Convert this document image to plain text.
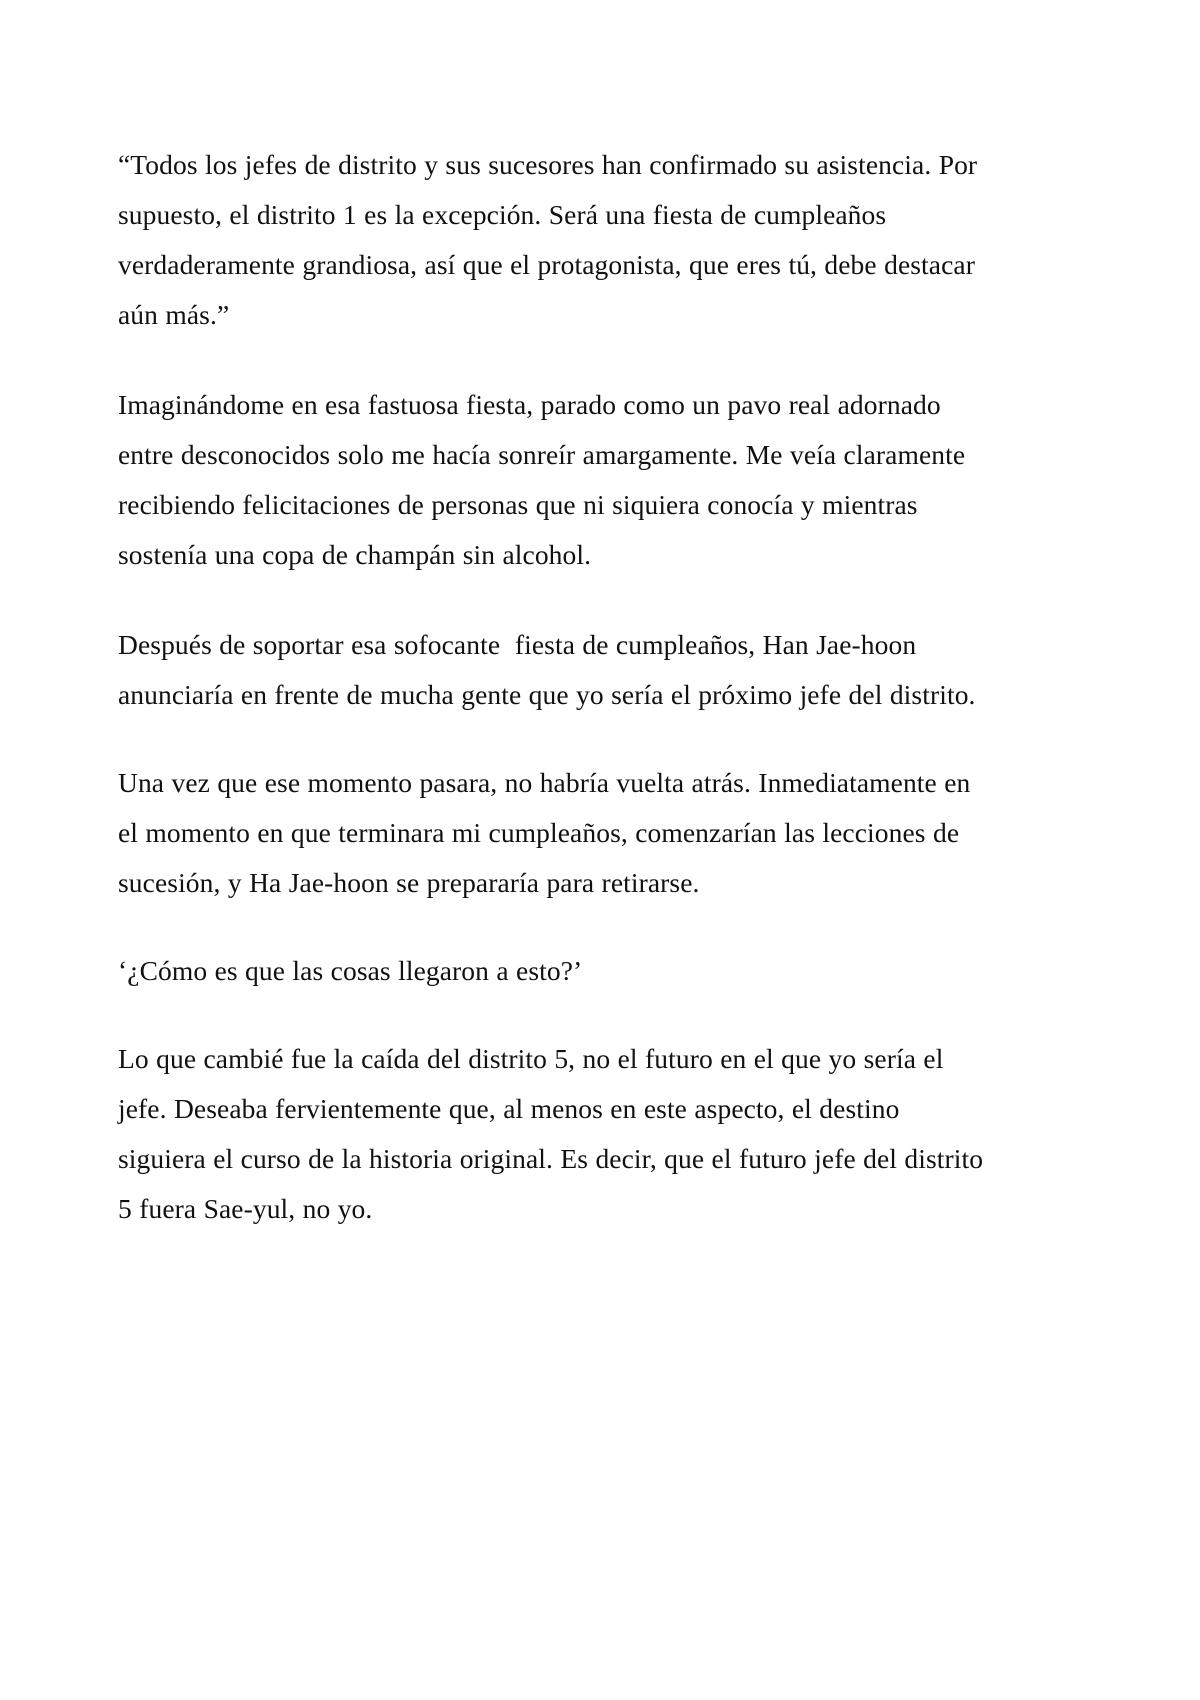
“Todos los jefes de distrito y sus sucesores han confirmado su asistencia. Por supuesto, el distrito 1 es la excepción. Será una fiesta de cumpleaños verdaderamente grandiosa, así que el protagonista, que eres tú, debe destacar aún más.”

Imaginándome en esa fastuosa fiesta, parado como un pavo real adornado entre desconocidos solo me hacía sonreír amargamente. Me veía claramente recibiendo felicitaciones de personas que ni siquiera conocía y mientras sostenía una copa de champán sin alcohol.

Después de soportar esa sofocante  fiesta de cumpleaños, Han Jae-hoon anunciaría en frente de mucha gente que yo sería el próximo jefe del distrito.

Una vez que ese momento pasara, no habría vuelta atrás. Inmediatamente en el momento en que terminara mi cumpleaños, comenzarían las lecciones de sucesión, y Ha Jae-hoon se prepararía para retirarse.

‘¿Cómo es que las cosas llegaron a esto?’

Lo que cambié fue la caída del distrito 5, no el futuro en el que yo sería el jefe. Deseaba fervientemente que, al menos en este aspecto, el destino siguiera el curso de la historia original. Es decir, que el futuro jefe del distrito 5 fuera Sae-yul, no yo.
